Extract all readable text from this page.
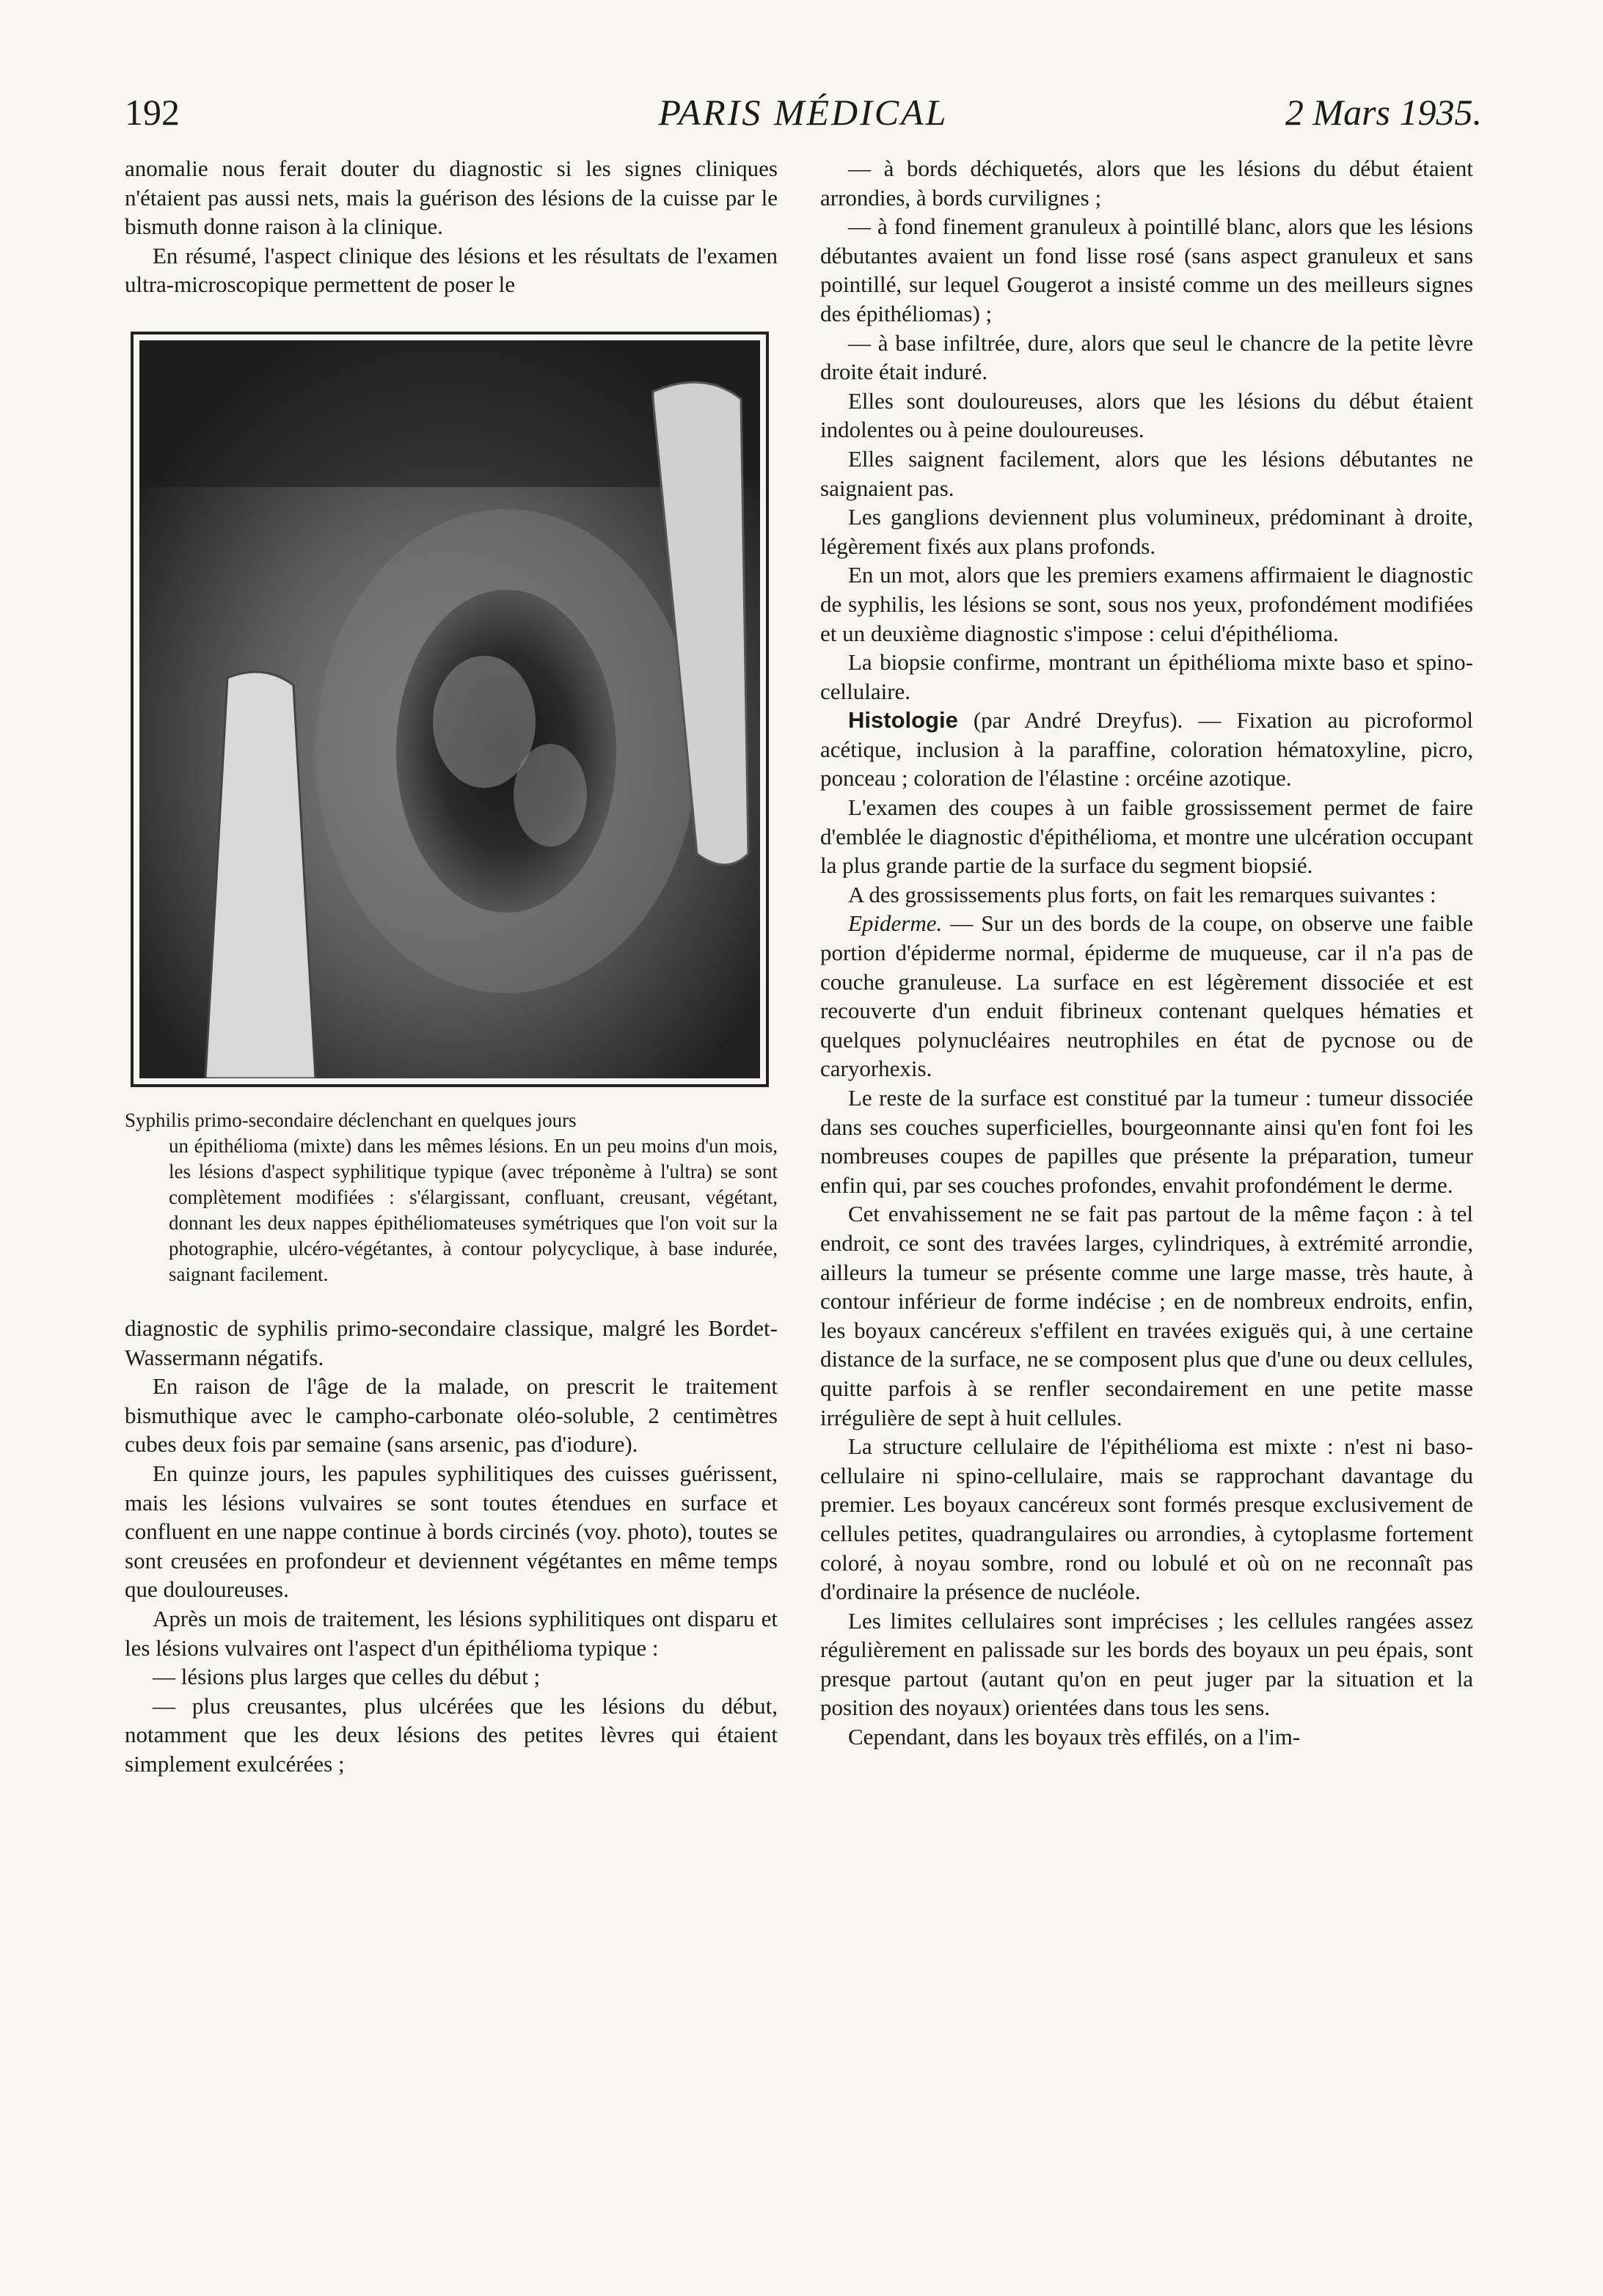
192	PARIS MÉDICAL	2 Mars 1935.

anomalie nous ferait douter du diagnostic si les signes cliniques n'étaient pas aussi nets, mais la guérison des lésions de la cuisse par le bismuth donne raison à la clinique.

En résumé, l'aspect clinique des lésions et les résultats de l'examen ultra-microscopique permettent de poser le

Syphilis primo-secondaire déclenchant en quelques jours
un épithélioma (mixte) dans les mêmes lésions. En un peu moins d'un mois, les lésions d'aspect syphilitique typique (avec tréponème à l'ultra) se sont complètement modifiées : s'élargissant, confluant, creusant, végétant, donnant les deux nappes épithéliomateuses symétriques que l'on voit sur la photographie, ulcéro-végétantes, à contour polycyclique, à base indurée, saignant facilement.

diagnostic de syphilis primo-secondaire classique, malgré les Bordet-Wassermann négatifs.

En raison de l'âge de la malade, on prescrit le traitement bismuthique avec le campho-carbonate oléo-soluble, 2 centimètres cubes deux fois par semaine (sans arsenic, pas d'iodure).

En quinze jours, les papules syphilitiques des cuisses guérissent, mais les lésions vulvaires se sont toutes étendues en surface et confluent en une nappe continue à bords circinés (voy. photo), toutes se sont creusées en profondeur et deviennent végétantes en même temps que douloureuses.

Après un mois de traitement, les lésions syphilitiques ont disparu et les lésions vulvaires ont l'aspect d'un épithélioma typique :

— lésions plus larges que celles du début ;

— plus creusantes, plus ulcérées que les lésions du début, notamment que les deux lésions des petites lèvres qui étaient simplement exulcérées ;

— à bords déchiquetés, alors que les lésions du début étaient arrondies, à bords curvilignes ;

— à fond finement granuleux à pointillé blanc, alors que les lésions débutantes avaient un fond lisse rosé (sans aspect granuleux et sans pointillé, sur lequel Gougerot a insisté comme un des meilleurs signes des épithéliomas) ;

— à base infiltrée, dure, alors que seul le chancre de la petite lèvre droite était induré.

Elles sont douloureuses, alors que les lésions du début étaient indolentes ou à peine douloureuses.

Elles saignent facilement, alors que les lésions débutantes ne saignaient pas.

Les ganglions deviennent plus volumineux, prédominant à droite, légèrement fixés aux plans profonds.

En un mot, alors que les premiers examens affirmaient le diagnostic de syphilis, les lésions se sont, sous nos yeux, profondément modifiées et un deuxième diagnostic s'impose : celui d'épithélioma.

La biopsie confirme, montrant un épithélioma mixte baso et spino-cellulaire.

Histologie (par André Dreyfus). — Fixation au picroformol acétique, inclusion à la paraffine, coloration hématoxyline, picro, ponceau ; coloration de l'élastine : orcéine azotique.

L'examen des coupes à un faible grossissement permet de faire d'emblée le diagnostic d'épithélioma, et montre une ulcération occupant la plus grande partie de la surface du segment biopsié.

A des grossissements plus forts, on fait les remarques suivantes :

Epiderme. — Sur un des bords de la coupe, on observe une faible portion d'épiderme normal, épiderme de muqueuse, car il n'a pas de couche granuleuse. La surface en est légèrement dissociée et est recouverte d'un enduit fibrineux contenant quelques hématies et quelques polynucléaires neutrophiles en état de pycnose ou de caryorhexis.

Le reste de la surface est constitué par la tumeur : tumeur dissociée dans ses couches superficielles, bourgeonnante ainsi qu'en font foi les nombreuses coupes de papilles que présente la préparation, tumeur enfin qui, par ses couches profondes, envahit profondément le derme.

Cet envahissement ne se fait pas partout de la même façon : à tel endroit, ce sont des travées larges, cylindriques, à extrémité arrondie, ailleurs la tumeur se présente comme une large masse, très haute, à contour inférieur de forme indécise ; en de nombreux endroits, enfin, les boyaux cancéreux s'effilent en travées exiguës qui, à une certaine distance de la surface, ne se composent plus que d'une ou deux cellules, quitte parfois à se renfler secondairement en une petite masse irrégulière de sept à huit cellules.

La structure cellulaire de l'épithélioma est mixte : n'est ni baso-cellulaire ni spino-cellulaire, mais se rapprochant davantage du premier. Les boyaux cancéreux sont formés presque exclusivement de cellules petites, quadrangulaires ou arrondies, à cytoplasme fortement coloré, à noyau sombre, rond ou lobulé et où on ne reconnaît pas d'ordinaire la présence de nucléole.

Les limites cellulaires sont imprécises ; les cellules rangées assez régulièrement en palissade sur les bords des boyaux un peu épais, sont presque partout (autant qu'on en peut juger par la situation et la position des noyaux) orientées dans tous les sens.

Cependant, dans les boyaux très effilés, on a l'im-
